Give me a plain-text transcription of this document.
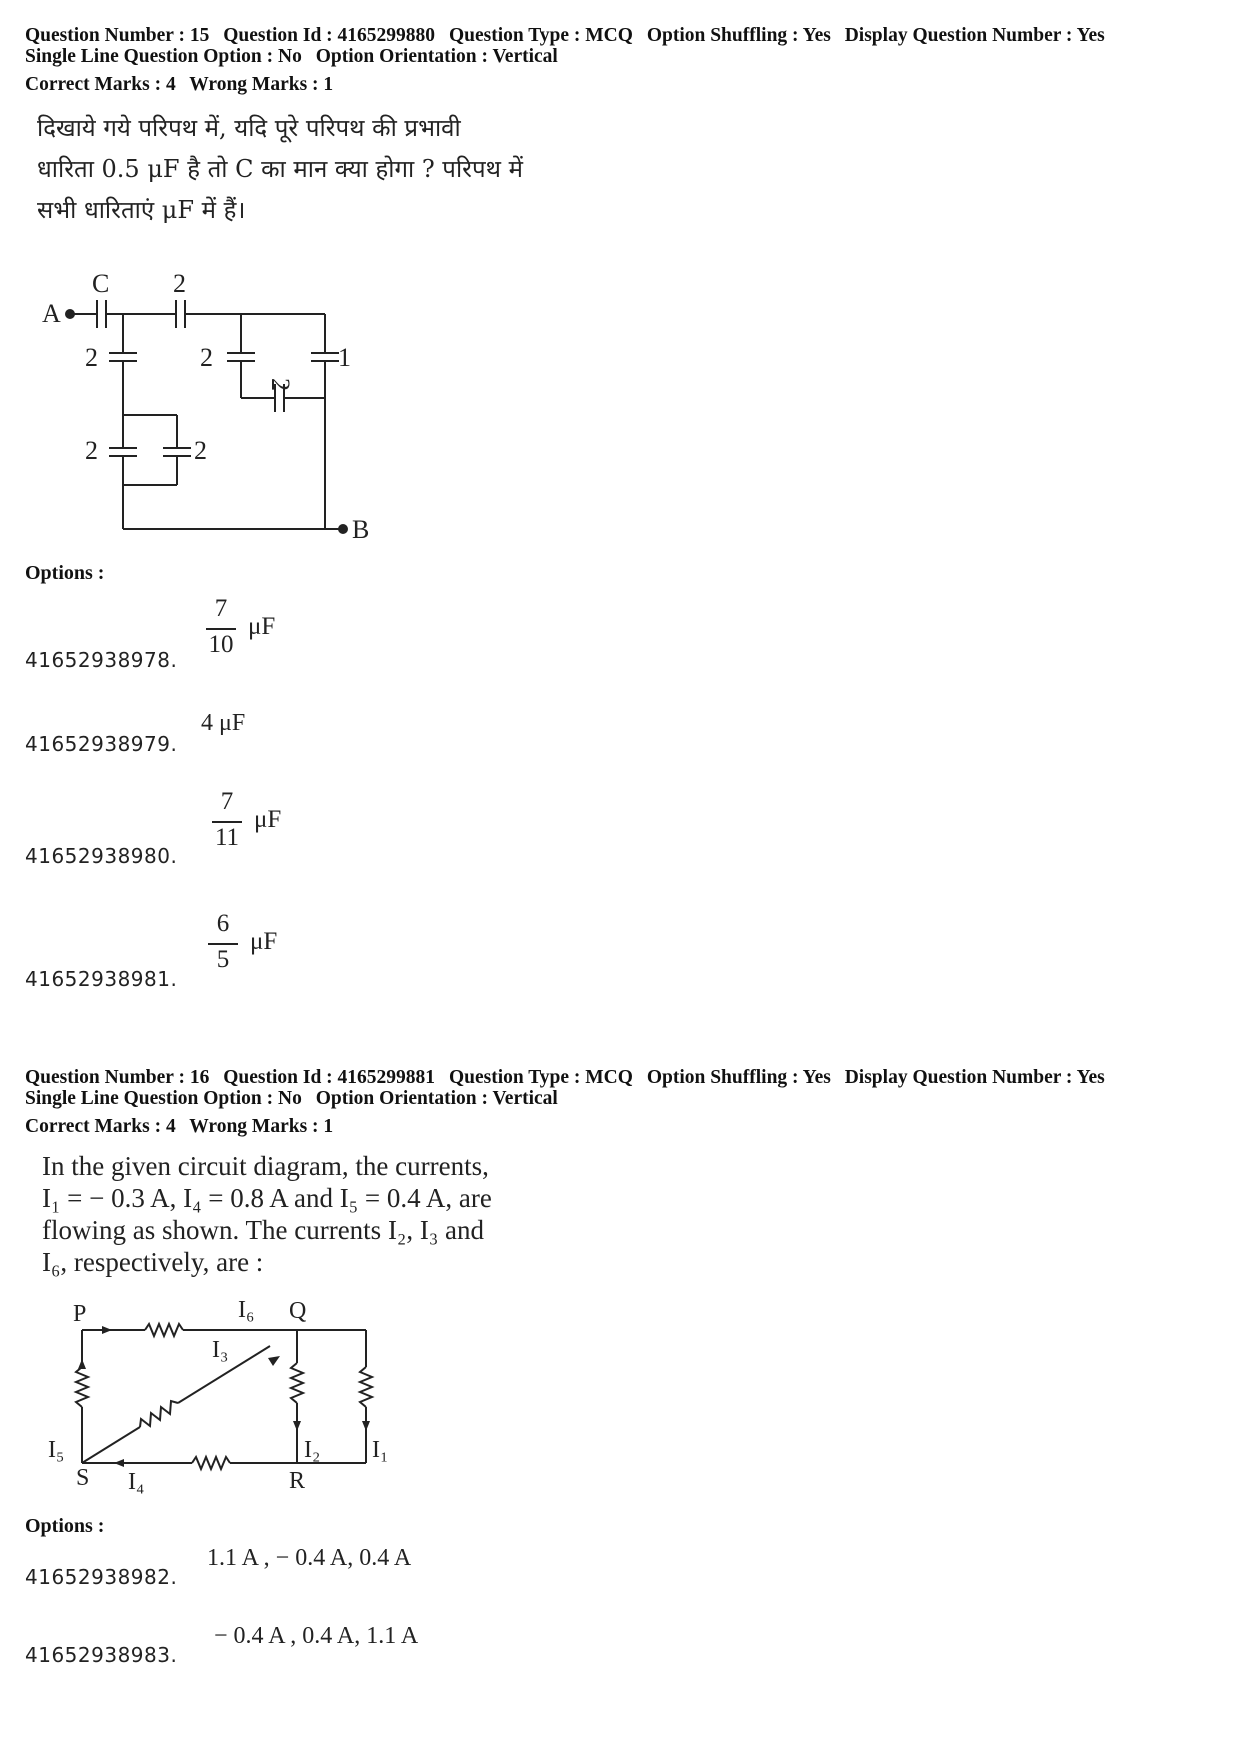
Question Number : 15 Question Id : 4165299880 Question Type : MCQ Option Shuffling : Yes Display Question Number : Yes
Single Line Question Option : No Option Orientation : Vertical
Correct Marks : 4 Wrong Marks : 1
दिखाये गये परिपथ में, यदि पूरे परिपथ की प्रभावी
धारिता 0.5 μF है तो C का मान क्या होगा ? परिपथ में
सभी धारिताएं μF में हैं।
C 2
A
2	2	1
2
2	2
B
Options :
41652938978.
7
10
μF
41652938979.
4 μF
41652938980.
7
11
μF
41652938981.
6
5
μF
Question Number : 16 Question Id : 4165299881 Question Type : MCQ Option Shuffling : Yes Display Question Number : Yes
Single Line Question Option : No Option Orientation : Vertical
Correct Marks : 4 Wrong Marks : 1
In the given circuit diagram, the currents,
I₁ = − 0.3 A, I₄ = 0.8 A and I₅ = 0.4 A, are
flowing as shown. The currents I₂, I₃ and
I₆, respectively, are :
P	Q
R
S
I₆
I₃
I₅
I₄
I₂ I₁
Options :
41652938982.
1.1 A , − 0.4 A, 0.4 A
41652938983.
− 0.4 A , 0.4 A, 1.1 A
